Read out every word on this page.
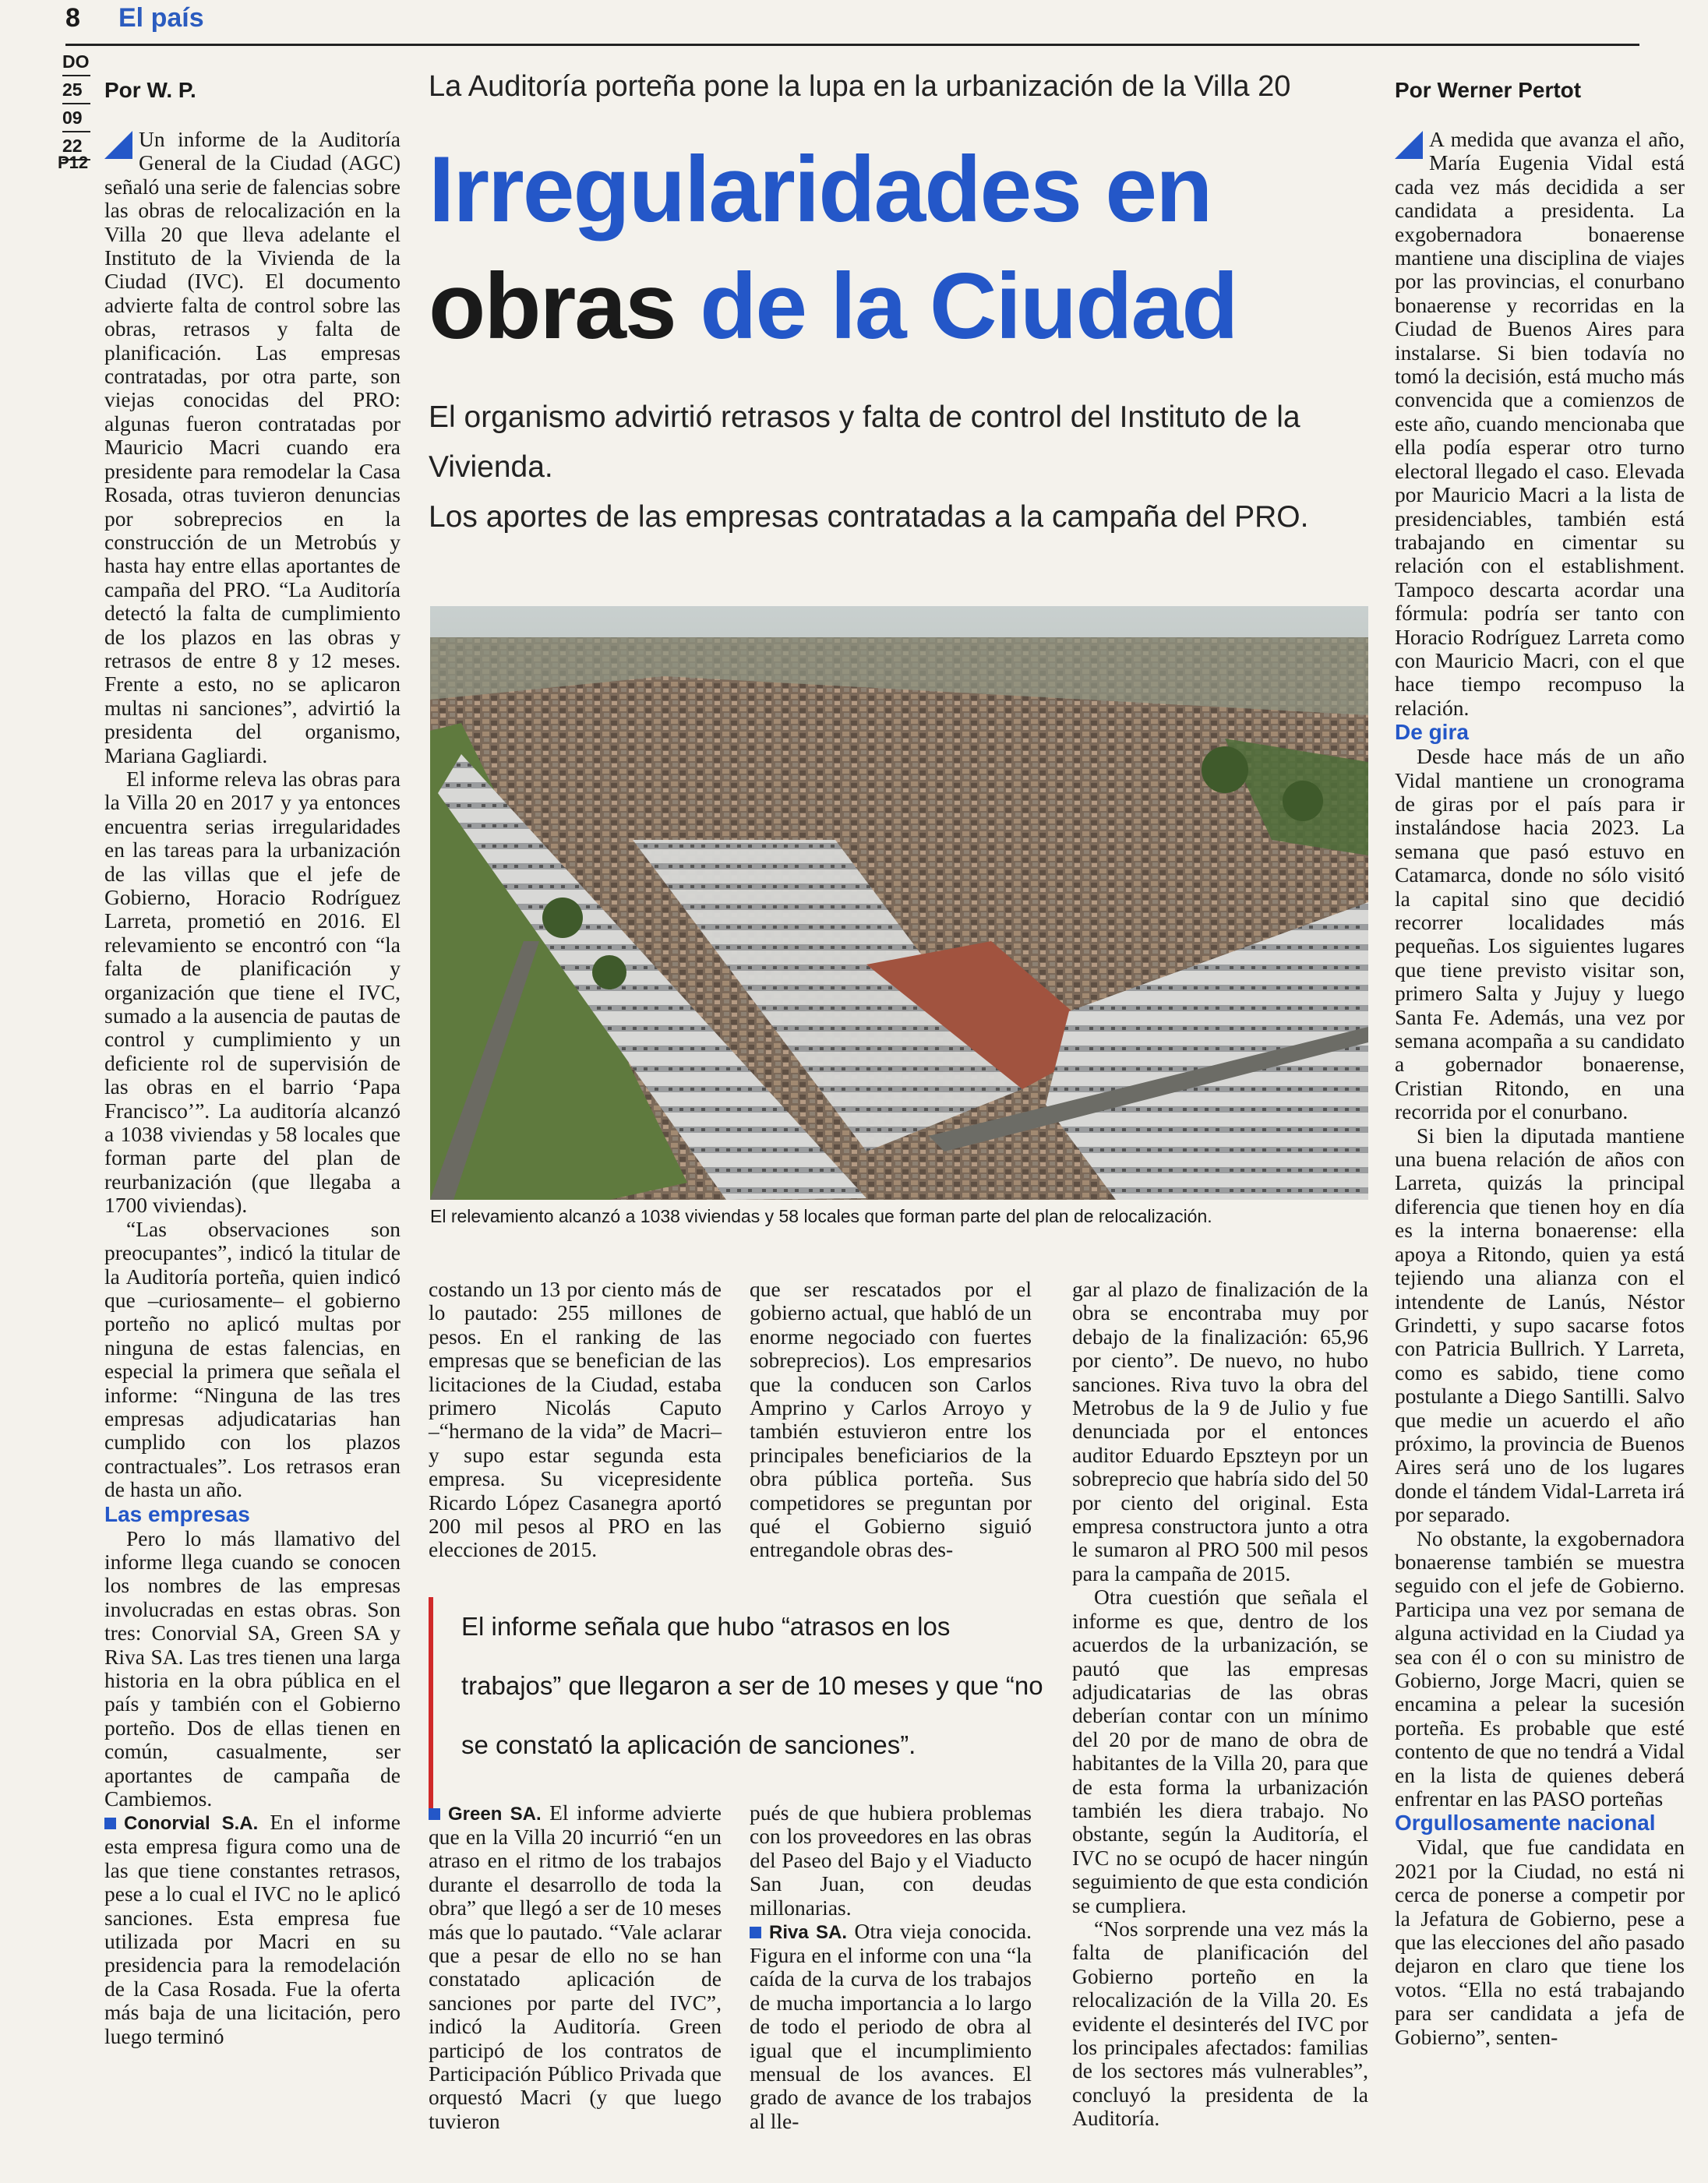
8 El país
DO
25
09
22
P12
Por W. P.	La Auditoría porteña pone la lupa en la urbanización de la Villa 20
Irregularidades en
obras de la Ciudad
El organismo advirtió retrasos y falta de control del Instituto de la Vivienda.
Los aportes de las empresas contratadas a la campaña del PRO.

Un informe de la Auditoría General de la Ciudad (AGC) señaló una serie de falencias sobre las obras de relocalización en la Villa 20 que lleva adelante el Instituto de la Vivienda de la Ciudad (IVC). El documento advierte falta de control sobre las obras, retrasos y falta de planificación. Las empresas contratadas, por otra parte, son viejas conocidas del PRO: algunas fueron contratadas por Mauricio Macri cuando era presidente para remodelar la Casa Rosada, otras tuvieron denuncias por sobreprecios en la construcción de un Metrobús y hasta hay entre ellas aportantes de campaña del PRO. “La Auditoría detectó la falta de cumplimiento de los plazos en las obras y retrasos de entre 8 y 12 meses. Frente a esto, no se aplicaron multas ni sanciones”, advirtió la presidenta del organismo, Mariana Gagliardi.

El informe releva las obras para la Villa 20 en 2017 y ya entonces encuentra serias irregularidades en las tareas para la urbanización de las villas que el jefe de Gobierno, Horacio Rodríguez Larreta, prometió en 2016. El relevamiento se encontró con “la falta de planificación y organización que tiene el IVC, sumado a la ausencia de pautas de control y cumplimiento y un deficiente rol de supervisión de las obras en el barrio ‘Papa Francisco’”. La auditoría alcanzó a 1038 viviendas y 58 locales que forman parte del plan de reurbanización (que llegaba a 1700 viviendas).

“Las observaciones son preocupantes”, indicó la titular de la Auditoría porteña, quien indicó que –curiosamente– el gobierno porteño no aplicó multas por ninguna de estas falencias, en especial la primera que señala el informe: “Ninguna de las tres empresas adjudicatarias han cumplido con los plazos contractuales”. Los retrasos eran de hasta un año.

Las empresas

Pero lo más llamativo del informe llega cuando se conocen los nombres de las empresas involucradas en estas obras. Son tres: Conorvial SA, Green SA y Riva SA. Las tres tienen una larga historia en la obra pública en el país y también con el Gobierno porteño. Dos de ellas tienen en común, casualmente, ser aportantes de campaña de Cambiemos.

Conorvial S.A. En el informe esta empresa figura como una de las que tiene constantes retrasos, pese a lo cual el IVC no le aplicó sanciones. Esta empresa fue utilizada por Macri en su presidencia para la remodelación de la Casa Rosada. Fue la oferta más baja de una licitación, pero luego terminó

El relevamiento alcanzó a 1038 viviendas y 58 locales que forman parte del plan de relocalización.

costando un 13 por ciento más de lo pautado: 255 millones de pesos. En el ranking de las empresas que se benefician de las licitaciones de la Ciudad, estaba primero Nicolás Caputo –“hermano de la vida” de Macri– y supo estar segunda esta empresa. Su vicepresidente Ricardo López Casanegra aportó 200 mil pesos al PRO en las elecciones de 2015.

que ser rescatados por el gobierno actual, que habló de un enorme negociado con fuertes sobreprecios). Los empresarios que la conducen son Carlos Amprino y Carlos Arroyo y también estuvieron entre los principales beneficiarios de la obra pública porteña. Sus competidores se preguntan por qué el Gobierno siguió entregandole obras des-

El informe señala que hubo “atrasos en los trabajos” que llegaron a ser de 10 meses y que “no se constató la aplicación de sanciones”.

Green SA. El informe advierte que en la Villa 20 incurrió “en un atraso en el ritmo de los trabajos durante el desarrollo de toda la obra” que llegó a ser de 10 meses más que lo pautado. “Vale aclarar que a pesar de ello no se han constatado aplicación de sanciones por parte del IVC”, indicó la Auditoría. Green participó de los contratos de Participación Público Privada que orquestó Macri (y que luego tuvieron

pués de que hubiera problemas con los proveedores en las obras del Paseo del Bajo y el Viaducto San Juan, con deudas millonarias.

Riva SA. Otra vieja conocida. Figura en el informe con una “la caída de la curva de los trabajos de mucha importancia a lo largo de todo el periodo de obra al igual que el incumplimiento mensual de los avances. El grado de avance de los trabajos al lle-

gar al plazo de finalización de la obra se encontraba muy por debajo de la finalización: 65,96 por ciento”. De nuevo, no hubo sanciones. Riva tuvo la obra del Metrobus de la 9 de Julio y fue denunciada por el entonces auditor Eduardo Epszteyn por un sobreprecio que habría sido del 50 por ciento del original. Esta empresa constructora junto a otra le sumaron al PRO 500 mil pesos para la campaña de 2015.

Otra cuestión que señala el informe es que, dentro de los acuerdos de la urbanización, se pautó que las empresas adjudicatarias de las obras deberían contar con un mínimo del 20 por de mano de obra de habitantes de la Villa 20, para que de esta forma la urbanización también les diera trabajo. No obstante, según la Auditoría, el IVC no se ocupó de hacer ningún seguimiento de que esta condición se cumpliera.

“Nos sorprende una vez más la falta de planificación del Gobierno porteño en la relocalización de la Villa 20. Es evidente el desinterés del IVC por los principales afectados: familias de los sectores más vulnerables”, concluyó la presidenta de la Auditoría.

Por Werner Pertot

A medida que avanza el año, María Eugenia Vidal está cada vez más decidida a ser candidata a presidenta. La exgobernadora bonaerense mantiene una disciplina de viajes por las provincias, el conurbano bonaerense y recorridas en la Ciudad de Buenos Aires para instalarse. Si bien todavía no tomó la decisión, está mucho más convencida que a comienzos de este año, cuando mencionaba que ella podía esperar otro turno electoral llegado el caso. Elevada por Mauricio Macri a la lista de presidenciables, también está trabajando en cimentar su relación con el establishment. Tampoco descarta acordar una fórmula: podría ser tanto con Horacio Rodríguez Larreta como con Mauricio Macri, con el que hace tiempo recompuso la relación.

De gira

Desde hace más de un año Vidal mantiene un cronograma de giras por el país para ir instalándose hacia 2023. La semana que pasó estuvo en Catamarca, donde no sólo visitó la capital sino que decidió recorrer localidades más pequeñas. Los siguientes lugares que tiene previsto visitar son, primero Salta y Jujuy y luego Santa Fe. Además, una vez por semana acompaña a su candidato a gobernador bonaerense, Cristian Ritondo, en una recorrida por el conurbano.

Si bien la diputada mantiene una buena relación de años con Larreta, quizás la principal diferencia que tienen hoy en día es la interna bonaerense: ella apoya a Ritondo, quien ya está tejiendo una alianza con el intendente de Lanús, Néstor Grindetti, y supo sacarse fotos con Patricia Bullrich. Y Larreta, como es sabido, tiene como postulante a Diego Santilli. Salvo que medie un acuerdo el año próximo, la provincia de Buenos Aires será uno de los lugares donde el tándem Vidal-Larreta irá por separado.

No obstante, la exgobernadora bonaerense también se muestra seguido con el jefe de Gobierno. Participa una vez por semana de alguna actividad en la Ciudad ya sea con él o con su ministro de Gobierno, Jorge Macri, quien se encamina a pelear la sucesión porteña. Es probable que esté contento de que no tendrá a Vidal en la lista de quienes deberá enfrentar en las PASO porteñas

Orgullosamente nacional

Vidal, que fue candidata en 2021 por la Ciudad, no está ni cerca de ponerse a competir por la Jefatura de Gobierno, pese a que las elecciones del año pasado dejaron en claro que tiene los votos. “Ella no está trabajando para ser candidata a jefa de Gobierno”, senten-
